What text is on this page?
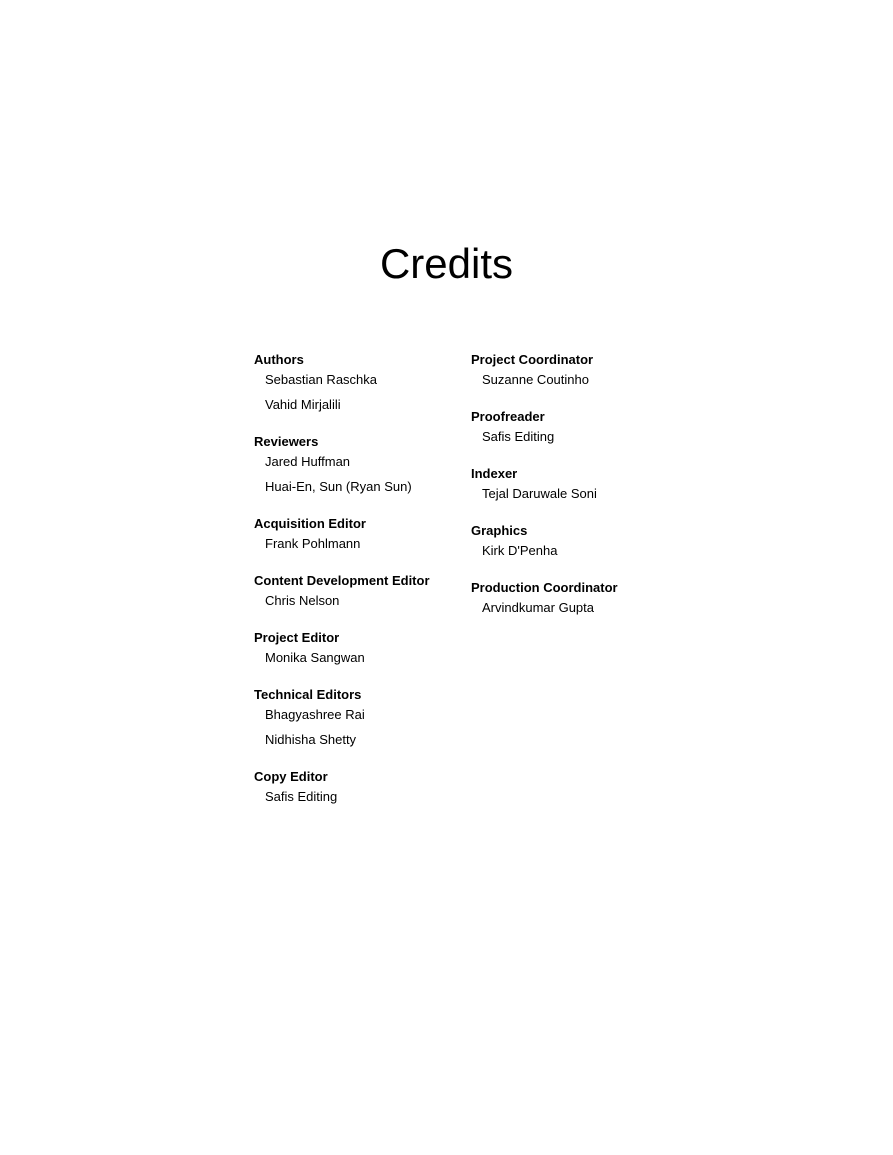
Credits
Authors
Sebastian Raschka
Vahid Mirjalili
Reviewers
Jared Huffman
Huai-En, Sun (Ryan Sun)
Acquisition Editor
Frank Pohlmann
Content Development Editor
Chris Nelson
Project Editor
Monika Sangwan
Technical Editors
Bhagyashree Rai
Nidhisha Shetty
Copy Editor
Safis Editing
Project Coordinator
Suzanne Coutinho
Proofreader
Safis Editing
Indexer
Tejal Daruwale Soni
Graphics
Kirk D'Penha
Production Coordinator
Arvindkumar Gupta
